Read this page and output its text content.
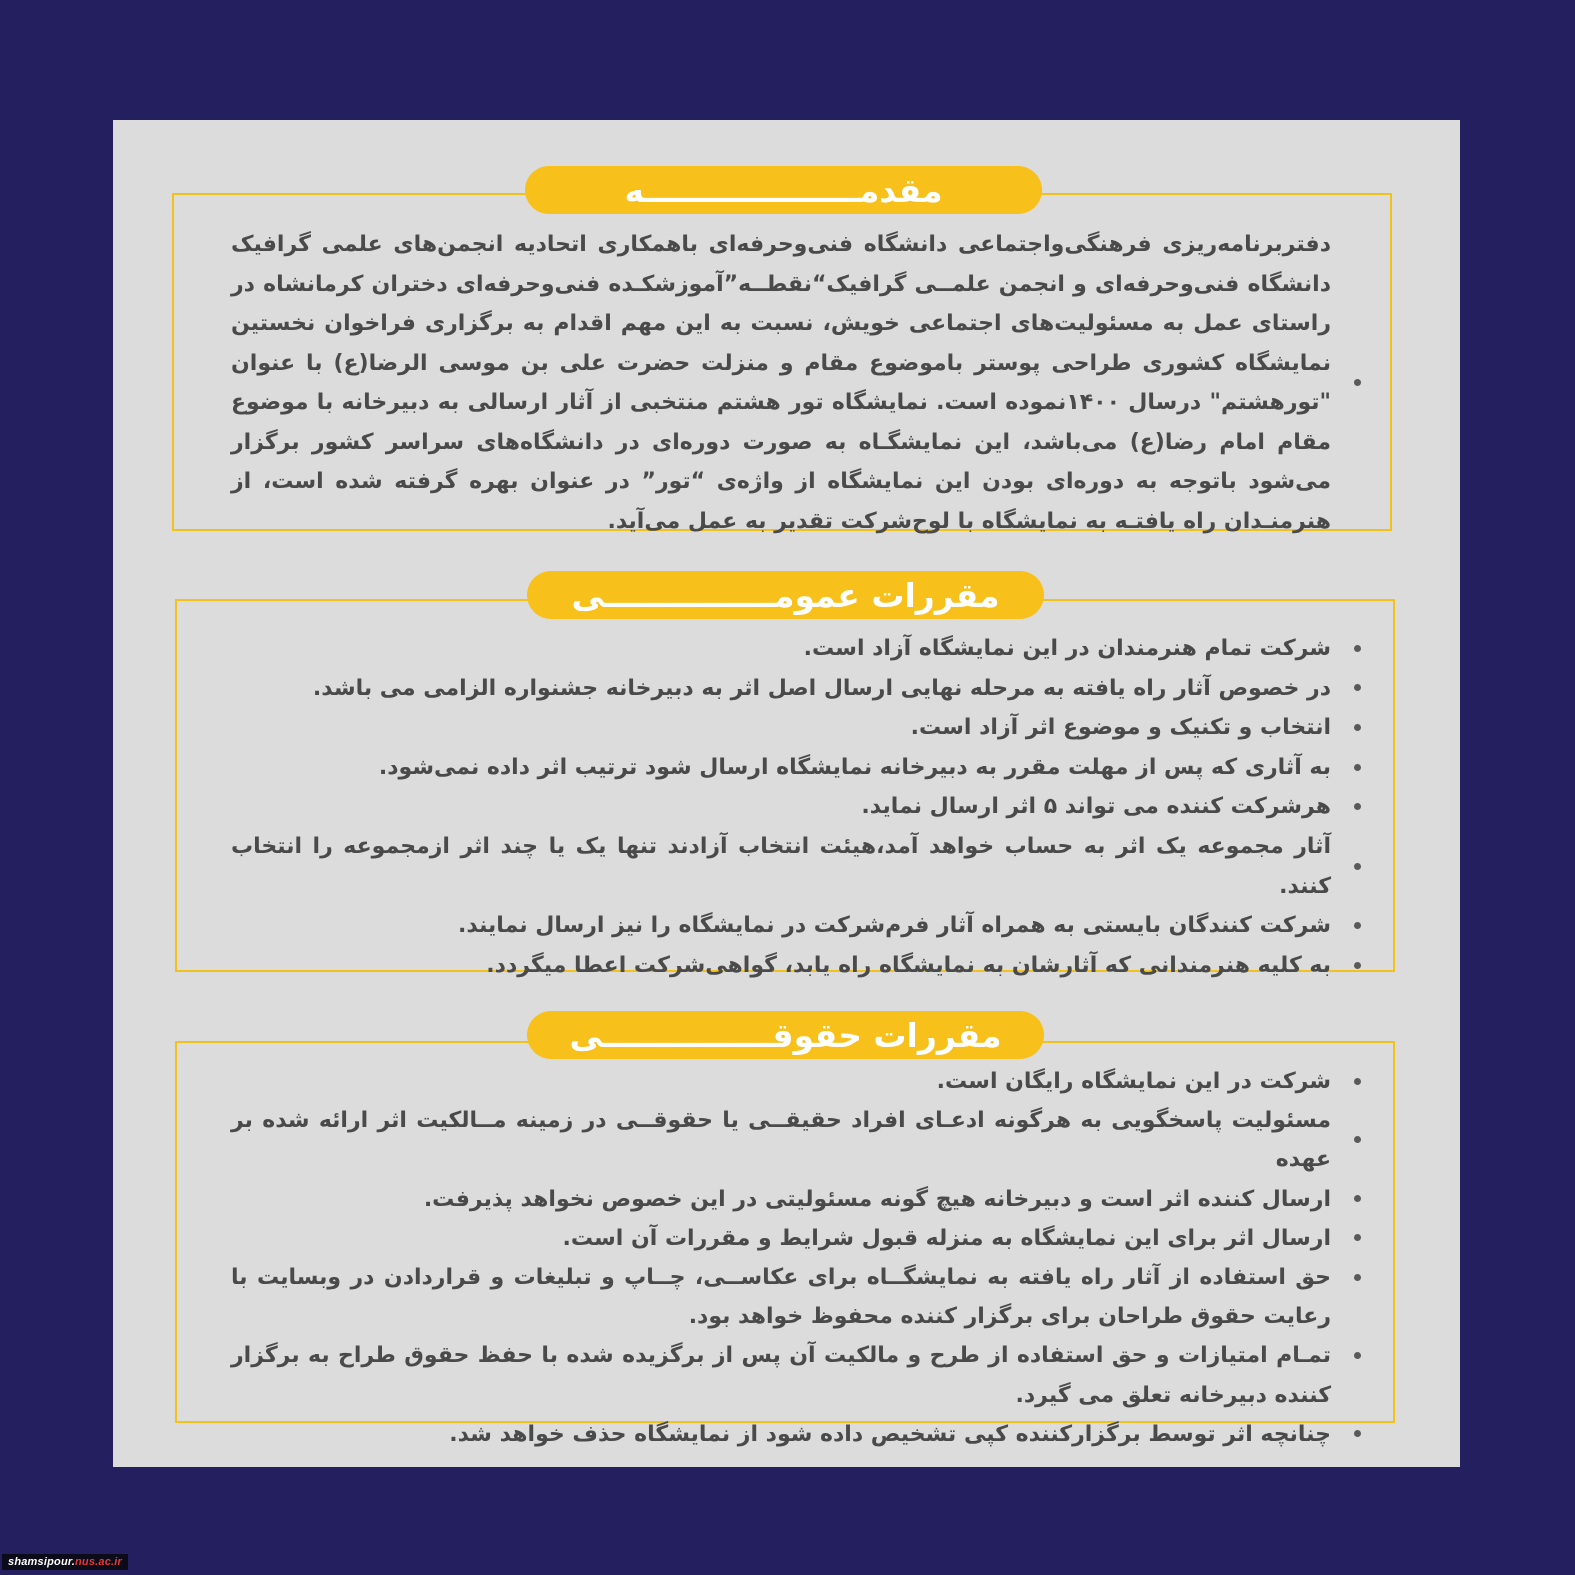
مقدمـــــــــــــــــــه
دفتربرنامه‌ریزی فرهنگی‌واجتماعی دانشگاه فنی‌وحرفه‌ای باهمکاری اتحادیه انجمن‌های علمی گرافیک دانشگاه فنی‌وحرفه‌ای و انجمن علمــی گرافیک“نقطــه”آموزشکـده فنی‌وحرفه‌ای دختران کرمانشاه در راستای عمل به مسئولیت‌های اجتماعی خویش، نسبت به این مهم اقدام به برگزاری فراخوان نخستین نمایشگاه کشوری طراحی پوستر باموضوع مقام و منزلت حضرت علی بن موسی الرضا(ع) با عنوان "تورهشتم" درسال ۱۴۰۰نموده است. نمایشگاه تور هشتم منتخبی از آثار ارسالی به دبیرخانه با موضوع مقام امام رضا(ع) می‌باشد، این نمایشگـاه به صورت دوره‌ای در دانشگاه‌های سراسر کشور برگزار می‌شود باتوجه به دوره‌ای بودن این نمایشگاه از واژه‌ی “تور” در عنوان بهره گرفته شده است، از هنرمنـدان راه یافتـه به نمایشگاه با لوح‌شرکت تقدیر به عمل می‌آید.
مقررات عمومـــــــــــــــی
شرکت تمام هنرمندان در این نمایشگاه آزاد است.
در خصوص آثار راه یافته به مرحله نهایی ارسال اصل اثر به دبیرخانه جشنواره الزامی می باشد.
انتخاب و تکنیک و موضوع اثر آزاد است.
به آثاری که پس از مهلت مقرر به دبیرخانه نمایشگاه ارسال شود ترتیب اثر داده نمی‌شود.
هرشرکت کننده می تواند ۵ اثر ارسال نماید.
آثار مجموعه یک اثر به حساب خواهد آمد،هیئت انتخاب آزادند تنها یک یا چند اثر ازمجموعه را انتخاب کنند.
شرکت کنندگان بایستی به همراه آثار فرم‌شرکت در نمایشگاه را نیز ارسال نمایند.
به کلیه هنرمندانی که آثارشان به نمایشگاه راه یابد، گواهی‌شرکت اعطا میگردد.
مقررات حقوقـــــــــــــــی
شرکت در این نمایشگاه رایگان است.
مسئولیت پاسخگویی به هرگونه ادعـای افراد حقیقــی یا حقوقــی در زمینه مــالکیت اثر ارائه شده بر عهده
ارسال کننده اثر است و دبیرخانه هیچ گونه مسئولیتی در این خصوص نخواهد پذیرفت.
ارسال اثر برای این نمایشگاه به منزله قبول شرایط و مقررات آن است.
حق استفاده از آثار راه یافته به نمایشگــاه برای عکاســی، چــاپ و تبلیغات و قراردادن در وبسایت با رعایت حقوق طراحان برای برگزار کننده محفوظ خواهد بود.
تمـام امتیازات و حق استفاده از طرح و مالکیت آن پس از برگزیده شده با حفظ حقوق طراح به برگزار کننده دبیرخانه تعلق می گیرد.
چنانچه اثر توسط برگزارکننده کپی تشخیص داده شود از نمایشگاه حذف خواهد شد.
shamsipour.nus.ac.ir
